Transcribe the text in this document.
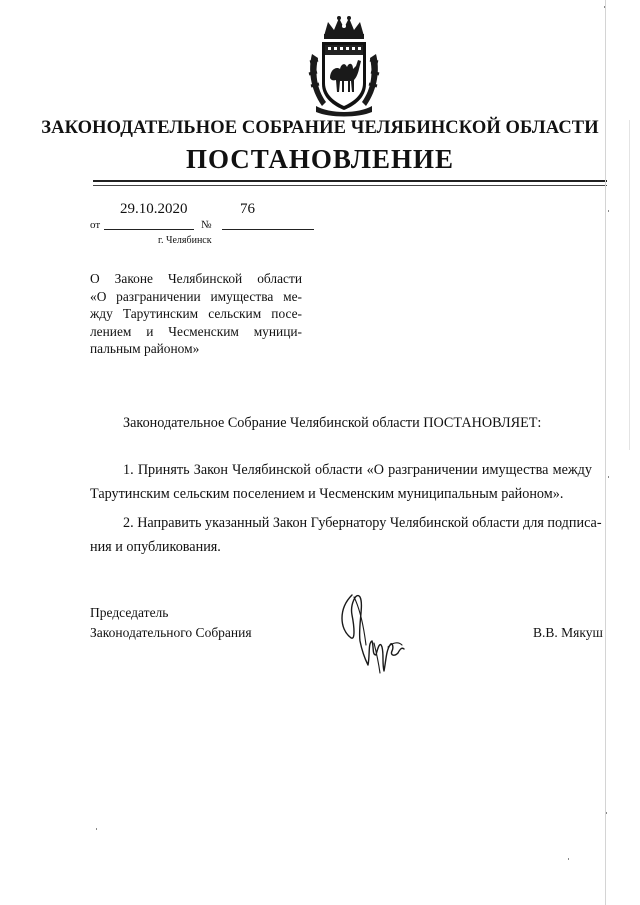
ЗАКОНОДАТЕЛЬНОЕ СОБРАНИЕ ЧЕЛЯБИНСКОЙ ОБЛАСТИ
ПОСТАНОВЛЕНИЕ
29.10.2020	76
от	№
г. Челябинск
О Законе Челябинской области
«О разграничении имущества ме-
жду Тарутинским сельским посе-
лением и Чесменским муници-
пальным районом»
Законодательное Собрание Челябинской области ПОСТАНОВЛЯЕТ:
1. Принять Закон Челябинской области «О разграничении имущества между
Тарутинским сельским поселением и Чесменским муниципальным районом».
2. Направить указанный Закон Губернатору Челябинской области для подписа-
ния и опубликования.
Председатель
Законодательного Собрания	В.В. Мякуш
